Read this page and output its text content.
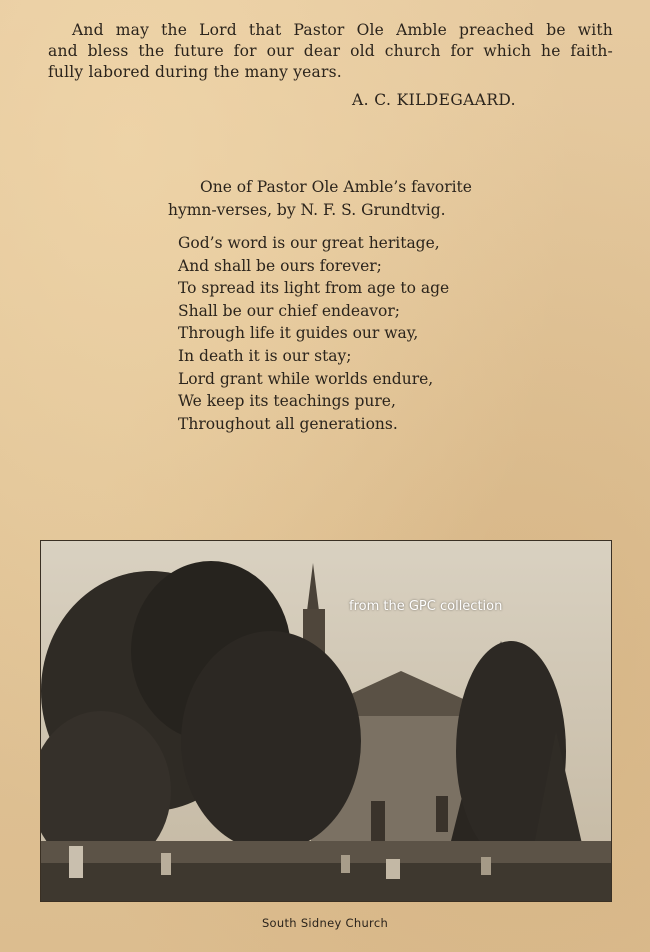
And may the Lord that Pastor Ole Amble preached be with
and bless the future for our dear old church for which he faith-
fully labored during the many years.

A. C. KILDEGAARD.
One of Pastor Ole Amble’s favorite
hymn-verses, by N. F. S. Grundtvig.
God’s word is our great heritage,
And shall be ours forever;
To spread its light from age to age
Shall be our chief endeavor;
Through life it guides our way,
In death it is our stay;
Lord grant while worlds endure,
We keep its teachings pure,
Throughout all generations.
from the GPC collection
South Sidney Church
